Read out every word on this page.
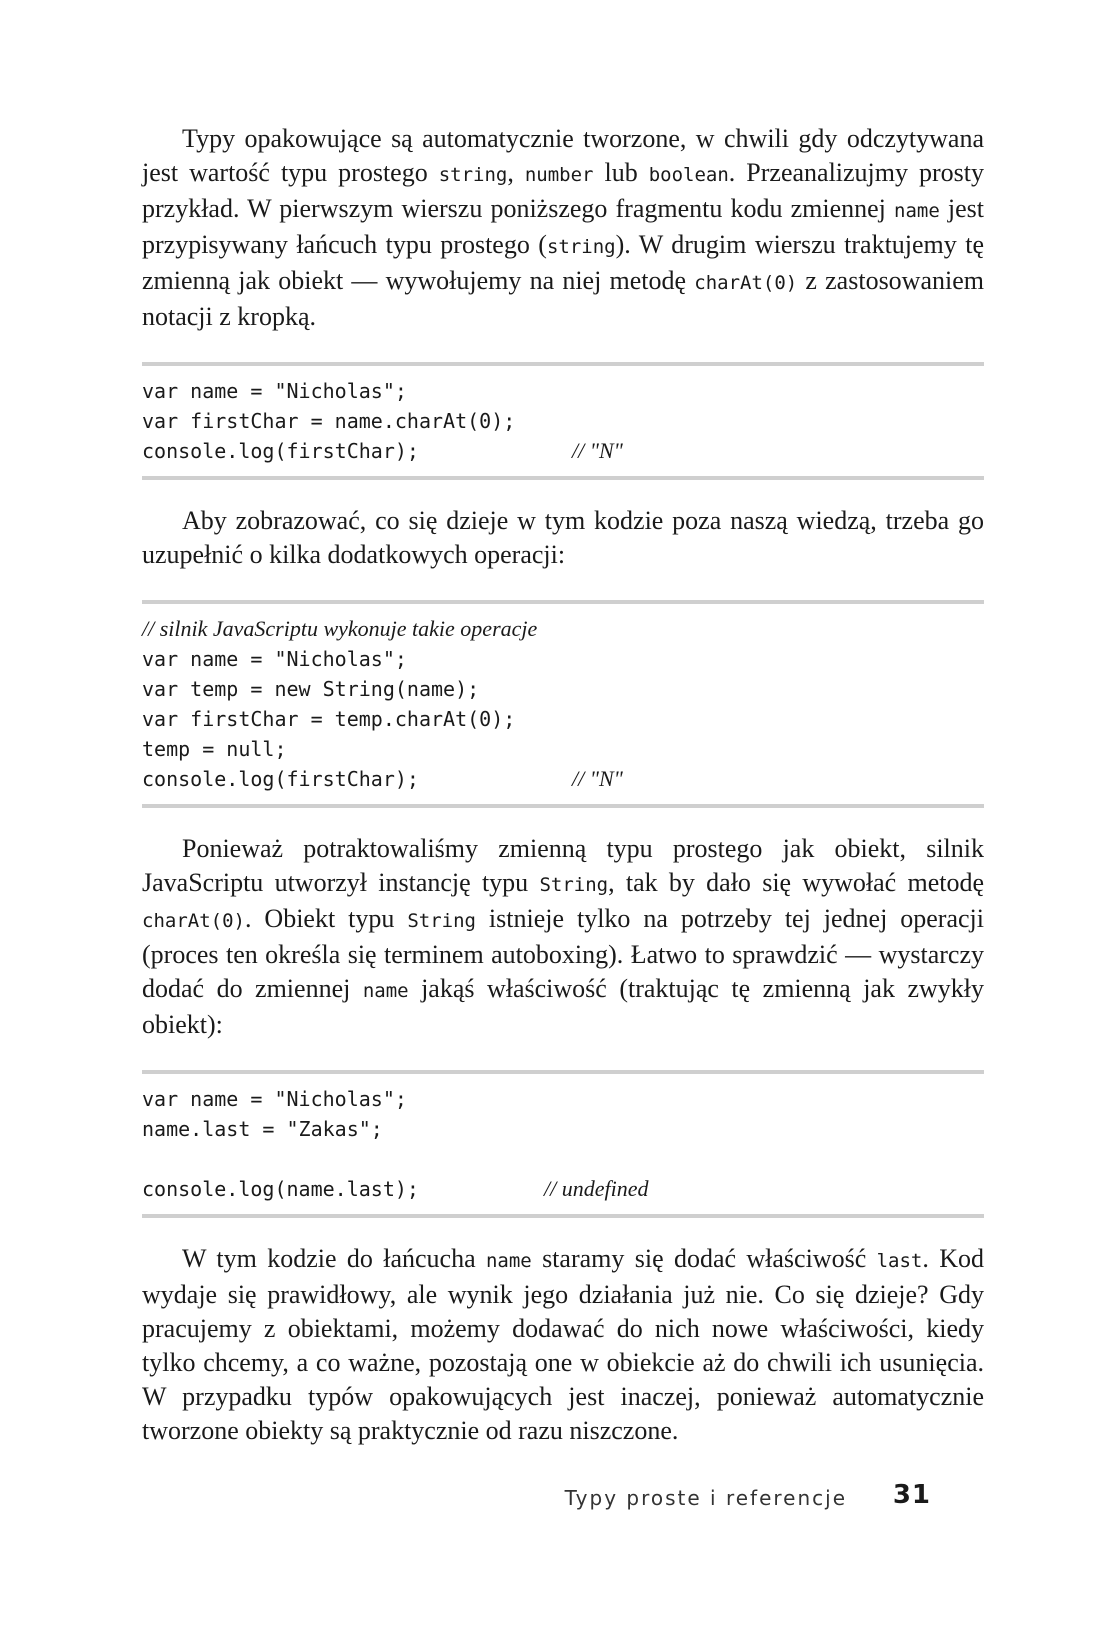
Typy opakowujące są automatycznie tworzone, w chwili gdy odczytywana jest wartość typu prostego string, number lub boolean. Przeanalizujmy prosty przykład. W pierwszym wierszu poniższego fragmentu kodu zmiennej name jest przypisywany łańcuch typu prostego (string). W drugim wierszu traktujemy tę zmienną jak obiekt — wywołujemy na niej metodę charAt(0) z zastosowaniem notacji z kropką.

var name = "Nicholas";
var firstChar = name.charAt(0);
console.log(firstChar);	// "N"

Aby zobrazować, co się dzieje w tym kodzie poza naszą wiedzą, trzeba go uzupełnić o kilka dodatkowych operacji:

// silnik JavaScriptu wykonuje takie operacje
var name = "Nicholas";
var temp = new String(name);
var firstChar = temp.charAt(0);
temp = null;
console.log(firstChar);	// "N"

Ponieważ potraktowaliśmy zmienną typu prostego jak obiekt, silnik JavaScriptu utworzył instancję typu String, tak by dało się wywołać metodę charAt(0). Obiekt typu String istnieje tylko na potrzeby tej jednej operacji (proces ten określa się terminem autoboxing). Łatwo to sprawdzić — wystarczy dodać do zmiennej name jakąś właściwość (traktując tę zmienną jak zwykły obiekt):

var name = "Nicholas";
name.last = "Zakas";
console.log(name.last);	// undefined

W tym kodzie do łańcucha name staramy się dodać właściwość last. Kod wydaje się prawidłowy, ale wynik jego działania już nie. Co się dzieje? Gdy pracujemy z obiektami, możemy dodawać do nich nowe właściwości, kiedy tylko chcemy, a co ważne, pozostają one w obiekcie aż do chwili ich usunięcia. W przypadku typów opakowujących jest inaczej, ponieważ automatycznie tworzone obiekty są praktycznie od razu niszczone.

Typy proste i referencje 31
